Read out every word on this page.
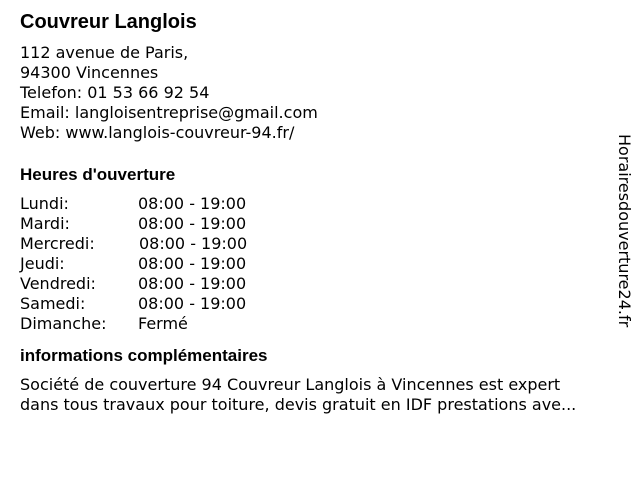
Couvreur Langlois
112 avenue de Paris,
94300 Vincennes
Telefon: 01 53 66 92 54
Email: langloisentreprise@gmail.com
Web: www.langlois-couvreur-94.fr/
Heures d'ouverture
Lundi:	08:00 - 19:00
Mardi:	08:00 - 19:00
Mercredi:	08:00 - 19:00
Jeudi:	08:00 - 19:00
Vendredi:	08:00 - 19:00
Samedi:	08:00 - 19:00
Dimanche:	Fermé
informations complémentaires
Société de couverture 94 Couvreur Langlois à Vincennes est expert
dans tous travaux pour toiture, devis gratuit en IDF prestations ave...
Horairesdouverture24.fr
